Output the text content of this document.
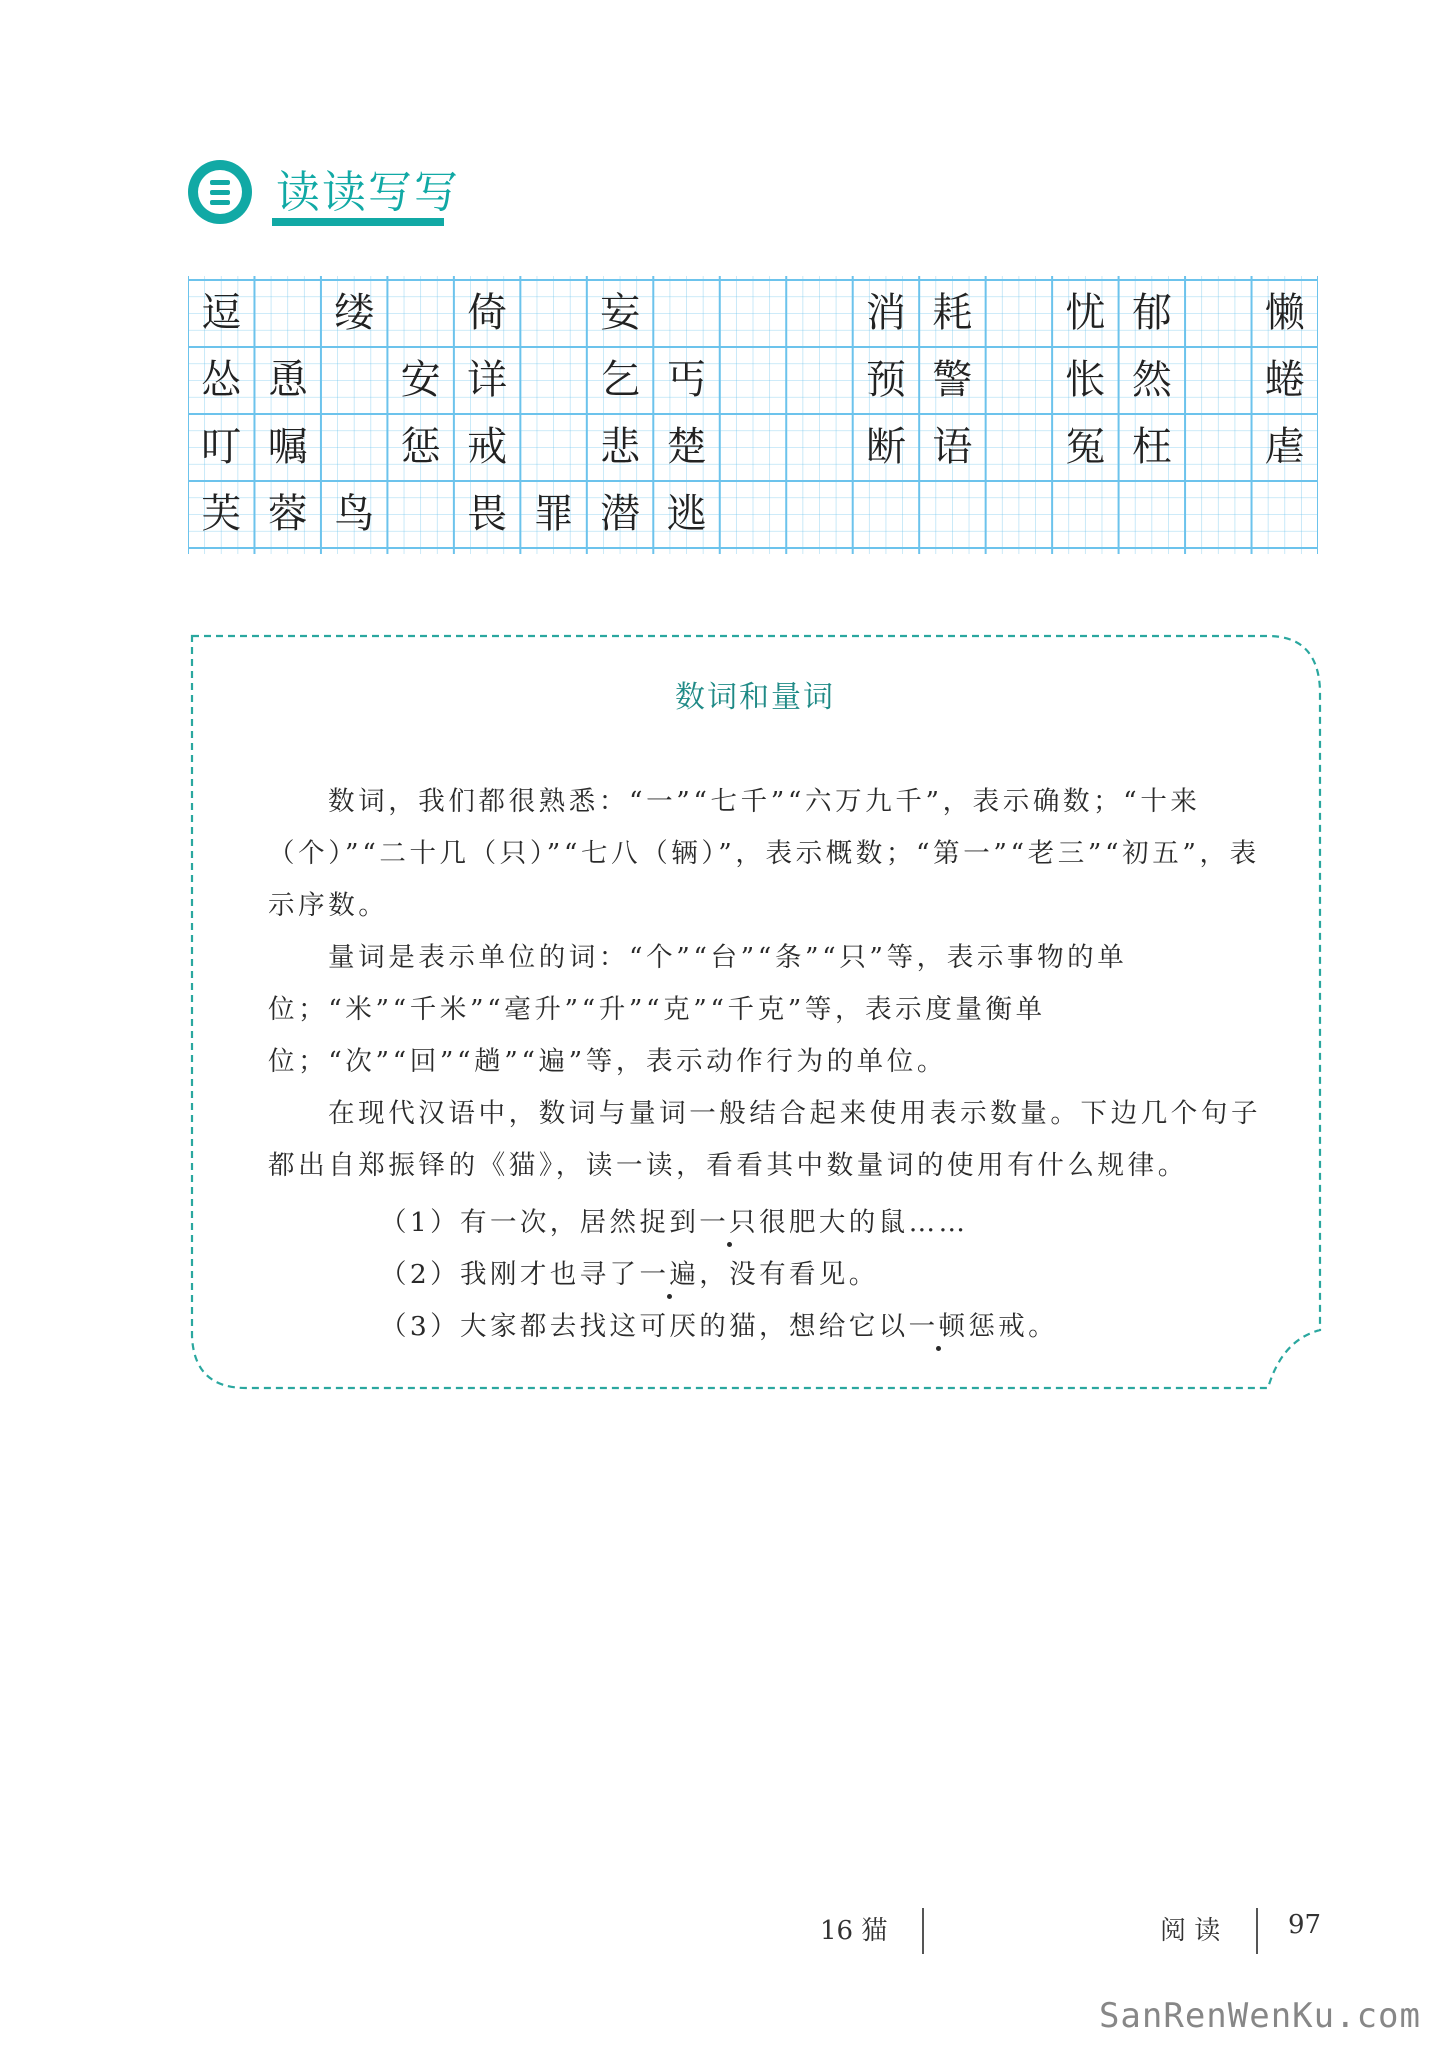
读读写写
逗	缕	倚	妄	消 耗	忧 郁	懒
怂 恿	安 详	乞 丐	预 警	怅 然	蜷
叮 嘱	惩 戒	悲 楚	断 语	冤 枉	虐
芙 蓉 鸟	畏 罪 潜 逃
数词和量词
数词，我们都很熟悉：“一”“七千”“六万九千”，表示确数；“十来（个）”“二十几（只）”“七八（辆）”，表示概数；“第一”“老三”“初五”，表示序数。
量词是表示单位的词：“个”“台”“条”“只”等，表示事物的单位；“米”“千米”“毫升”“升”“克”“千克”等，表示度量衡单位；“次”“回”“趟”“遍”等，表示动作行为的单位。
在现代汉语中，数词与量词一般结合起来使用表示数量。下边几个句子都出自郑振铎的《猫》，读一读，看看其中数量词的使用有什么规律。
（1）有一次，居然捉到一只很肥大的鼠……
（2）我刚才也寻了一遍，没有看见。
（3）大家都去找这可厌的猫，想给它以一顿惩戒。
16 猫	阅 读	97
SanRenWenKu.com
